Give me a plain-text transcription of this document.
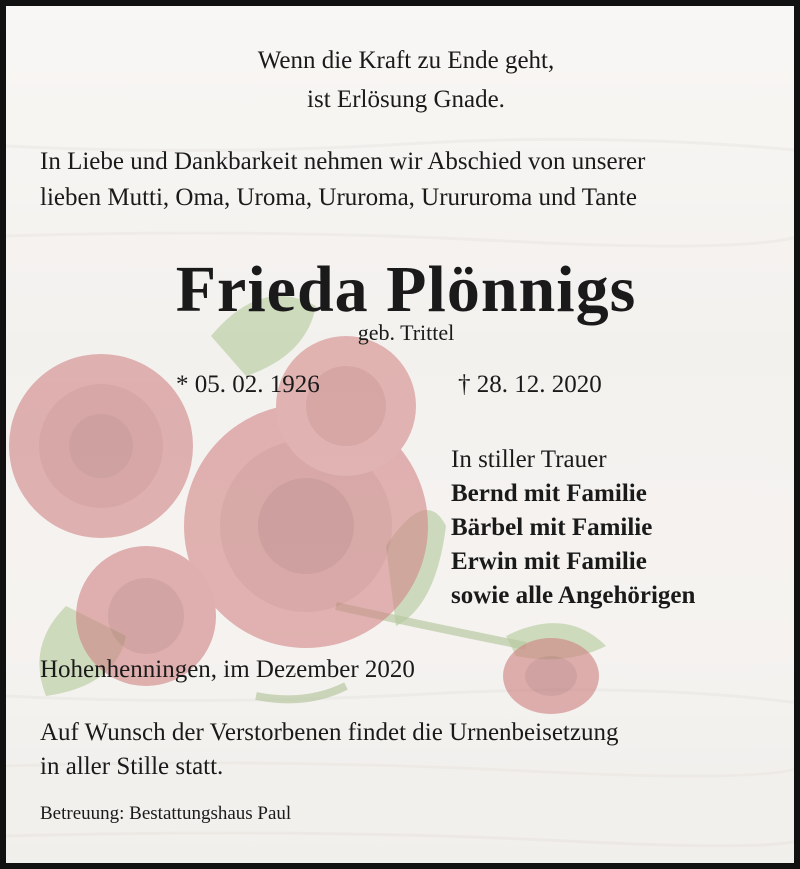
Wenn die Kraft zu Ende geht,
ist Erlösung Gnade.
In Liebe und Dankbarkeit nehmen wir Abschied von unserer
lieben Mutti, Oma, Uroma, Ururoma, Urururoma und Tante
Frieda Plönnigs
geb. Trittel
* 05. 02. 1926	† 28. 12. 2020
In stiller Trauer
Bernd mit Familie
Bärbel mit Familie
Erwin mit Familie
sowie alle Angehörigen
Hohenhenningen, im Dezember 2020
Auf Wunsch der Verstorbenen findet die Urnenbeisetzung
in aller Stille statt.
Betreuung: Bestattungshaus Paul
